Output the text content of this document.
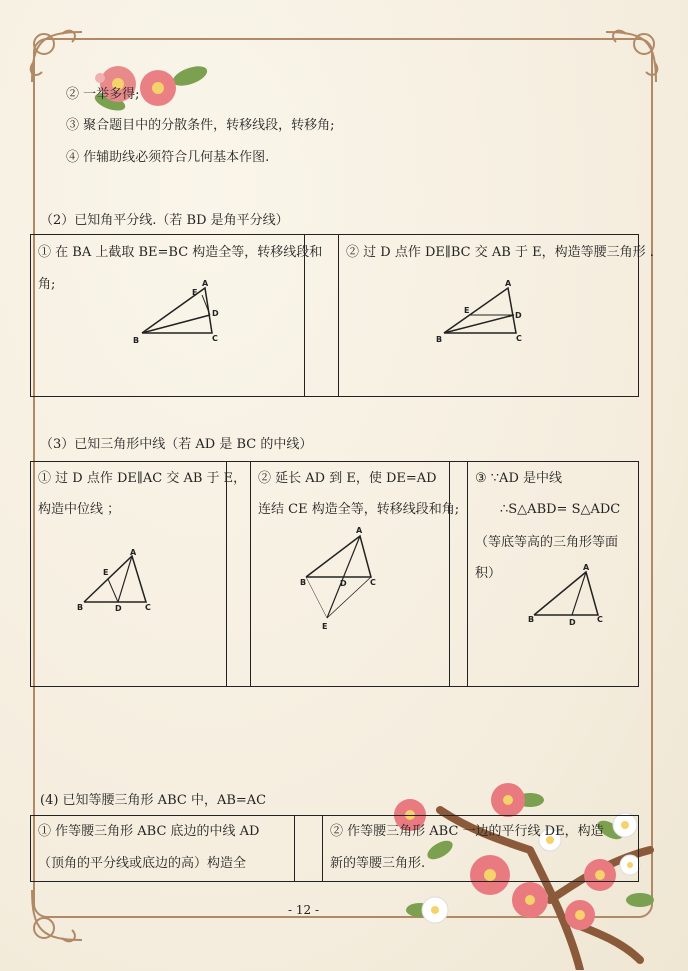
② 一举多得;
③ 聚合题目中的分散条件，转移线段，转移角;
④ 作辅助线必须符合几何基本作图.
（2）已知角平分线.（若 BD 是角平分线）
① 在 BA 上截取 BE=BC 构造全等，转移线段和
角;
② 过 D 点作 DE∥BC 交 AB 于 E，构造等腰三角形 .
A
E
D
B	C
A
E
D
B	C
（3）已知三角形中线（若 AD 是 BC 的中线）
① 过 D 点作 DE∥AC 交 AB 于 E，
构造中位线 ；
② 延长 AD 到 E，使 DE=AD
连结 CE 构造全等，转移线段和角;
③ ∵AD 是中线
∴S△ABD= S△ADC
（等底等高的三角形等面
积）
A
E
B	D	C
A
B	D	C
E
A
B	D	C
(4) 已知等腰三角形 ABC 中，AB=AC
① 作等腰三角形 ABC 底边的中线 AD
（顶角的平分线或底边的高）构造全
② 作等腰三角形 ABC 一边的平行线 DE，构造
新的等腰三角形.
- 12 -
